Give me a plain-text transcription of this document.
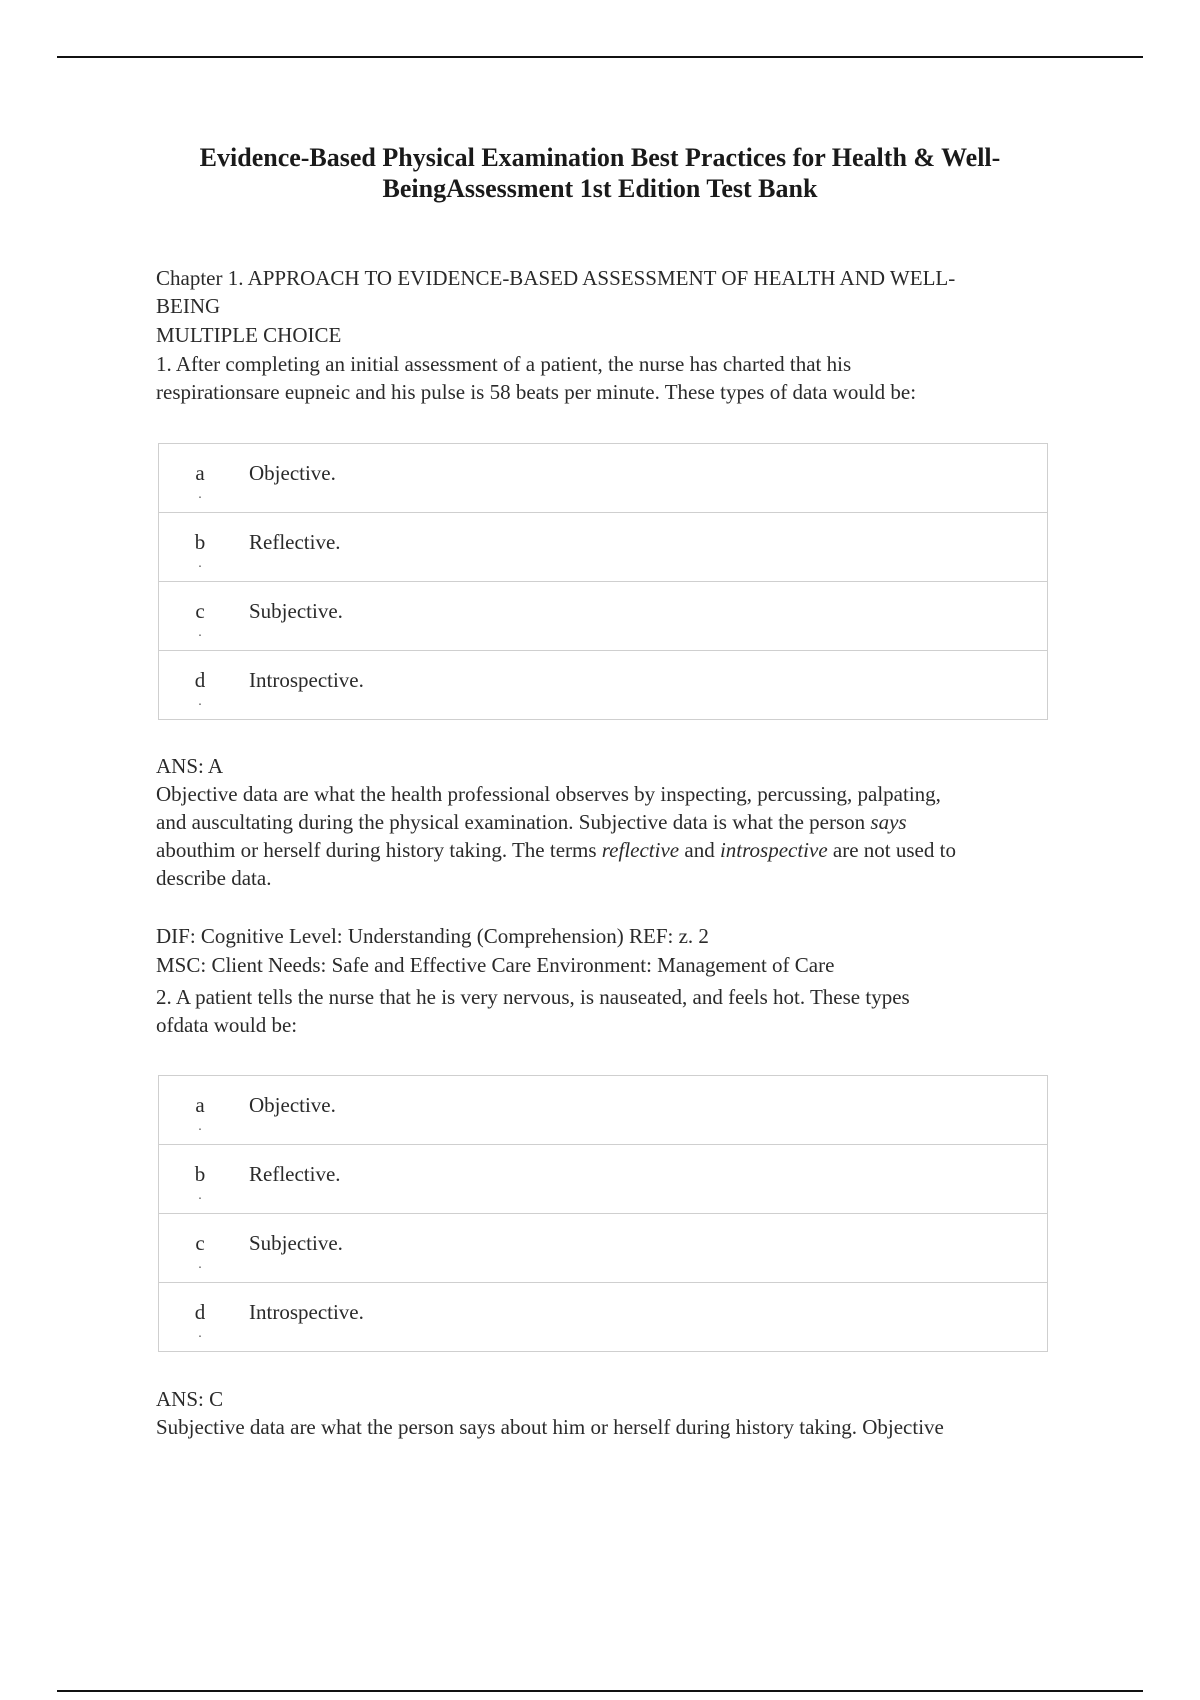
Evidence-Based Physical Examination Best Practices for Health & Well-
BeingAssessment 1st Edition Test Bank
Chapter 1. APPROACH TO EVIDENCE-BASED ASSESSMENT OF HEALTH AND WELL-
BEING
MULTIPLE CHOICE
1. After completing an initial assessment of a patient, the nurse has charted that his
respirationsare eupneic and his pulse is 58 beats per minute. These types of data would be:
a
.	Objective.
b
.	Reflective.
c
.	Subjective.
d
.	Introspective.
ANS: A
Objective data are what the health professional observes by inspecting, percussing, palpating,
and auscultating during the physical examination. Subjective data is what the person says
abouthim or herself during history taking. The terms reflective and introspective are not used to
describe data.
DIF: Cognitive Level: Understanding (Comprehension) REF: z. 2
MSC: Client Needs: Safe and Effective Care Environment: Management of Care
2. A patient tells the nurse that he is very nervous, is nauseated, and feels hot. These types
ofdata would be:
a
.	Objective.
b
.	Reflective.
c
.	Subjective.
d
.	Introspective.
ANS: C
Subjective data are what the person says about him or herself during history taking. Objective
